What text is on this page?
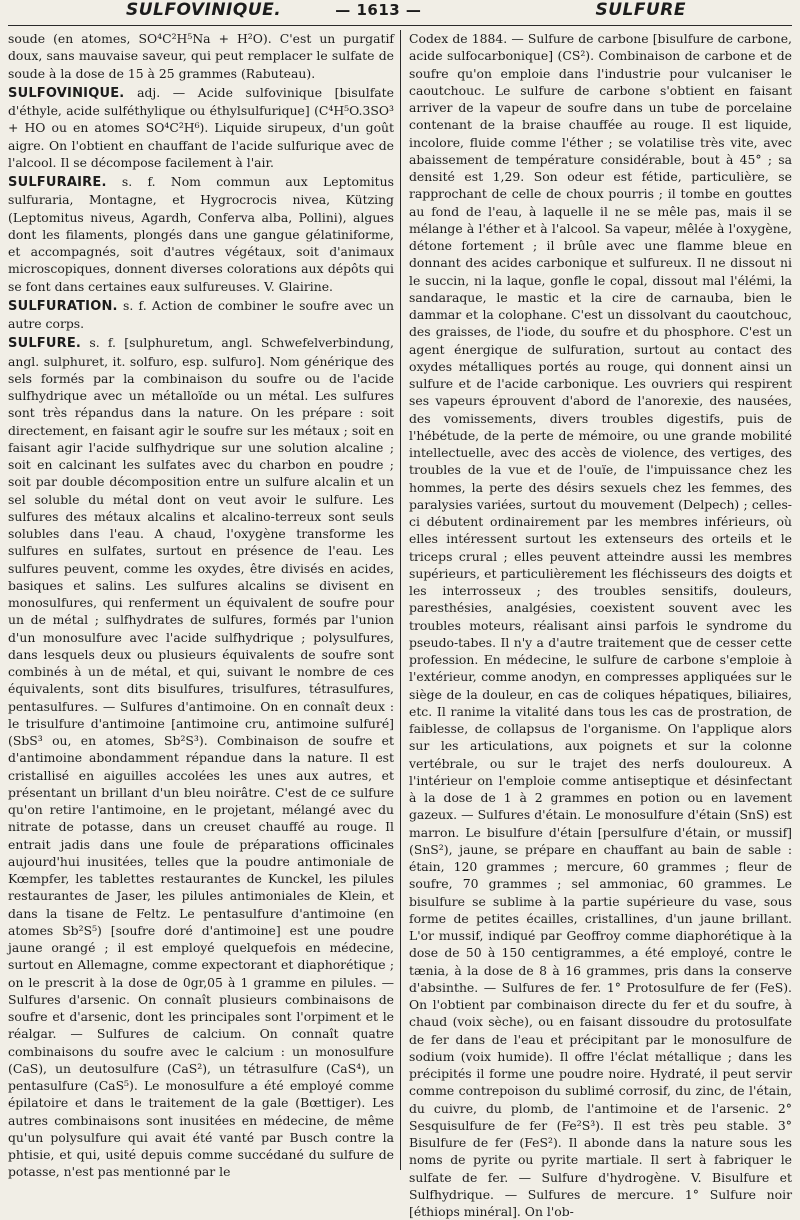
SULFOVINIQUE.	— 1613 —	SULFURE

soude (en atomes, SO⁴C²H⁵Na + H²O). C'est un purgatif doux, sans mauvaise saveur, qui peut remplacer le sulfate de soude à la dose de 15 à 25 grammes (Rabuteau).

SULFOVINIQUE. adj. — Acide sulfovinique [bisulfate d'éthyle, acide sulféthylique ou éthylsulfurique] (C⁴H⁵O.3SO³ + HO ou en atomes SO⁴C²H⁶). Liquide sirupeux, d'un goût aigre. On l'obtient en chauffant de l'acide sulfurique avec de l'alcool. Il se décompose facilement à l'air.

SULFURAIRE. s. f. Nom commun aux Leptomitus sulfuraria, Montagne, et Hygrocrocis nivea, Kützing (Leptomitus niveus, Agardh, Conferva alba, Pollini), algues dont les filaments, plongés dans une gangue gélatiniforme, et accompagnés, soit d'autres végétaux, soit d'animaux microscopiques, donnent diverses colorations aux dépôts qui se font dans certaines eaux sulfureuses. V. Glairine.

SULFURATION. s. f. Action de combiner le soufre avec un autre corps.

SULFURE. s. f. [sulphuretum, angl. Schwefelverbindung, angl. sulphuret, it. solfuro, esp. sulfuro]. Nom générique des sels formés par la combinaison du soufre ou de l'acide sulfhydrique avec un métalloïde ou un métal. Les sulfures sont très répandus dans la nature. On les prépare : soit directement, en faisant agir le soufre sur les métaux ; soit en faisant agir l'acide sulfhydrique sur une solution alcaline ; soit en calcinant les sulfates avec du charbon en poudre ; soit par double décomposition entre un sulfure alcalin et un sel soluble du métal dont on veut avoir le sulfure. Les sulfures des métaux alcalins et alcalino-terreux sont seuls solubles dans l'eau. A chaud, l'oxygène transforme les sulfures en sulfates, surtout en présence de l'eau. Les sulfures peuvent, comme les oxydes, être divisés en acides, basiques et salins. Les sulfures alcalins se divisent en monosulfures, qui renferment un équivalent de soufre pour un de métal ; sulfhydrates de sulfures, formés par l'union d'un monosulfure avec l'acide sulfhydrique ; polysulfures, dans lesquels deux ou plusieurs équivalents de soufre sont combinés à un de métal, et qui, suivant le nombre de ces équivalents, sont dits bisulfures, trisulfures, tétrasulfures, pentasulfures. — Sulfures d'antimoine. On en connaît deux : le trisulfure d'antimoine [antimoine cru, antimoine sulfuré] (SbS³ ou, en atomes, Sb²S³). Combinaison de soufre et d'antimoine abondamment répandue dans la nature. Il est cristallisé en aiguilles accolées les unes aux autres, et présentant un brillant d'un bleu noirâtre. C'est de ce sulfure qu'on retire l'antimoine, en le projetant, mélangé avec du nitrate de potasse, dans un creuset chauffé au rouge. Il entrait jadis dans une foule de préparations officinales aujourd'hui inusitées, telles que la poudre antimoniale de Kœmpfer, les tablettes restaurantes de Kunckel, les pilules restaurantes de Jaser, les pilules antimoniales de Klein, et dans la tisane de Feltz. Le pentasulfure d'antimoine (en atomes Sb²S⁵) [soufre doré d'antimoine] est une poudre jaune orangé ; il est employé quelquefois en médecine, surtout en Allemagne, comme expectorant et diaphorétique ; on le prescrit à la dose de 0gr,05 à 1 gramme en pilules. — Sulfures d'arsenic. On connaît plusieurs combinaisons de soufre et d'arsenic, dont les principales sont l'orpiment et le réalgar. — Sulfures de calcium. On connaît quatre combinaisons du soufre avec le calcium : un monosulfure (CaS), un deutosulfure (CaS²), un tétrasulfure (CaS⁴), un pentasulfure (CaS⁵). Le monosulfure a été employé comme épilatoire et dans le traitement de la gale (Bœttiger). Les autres combinaisons sont inusitées en médecine, de même qu'un polysulfure qui avait été vanté par Busch contre la phtisie, et qui, usité depuis comme succédané du sulfure de potasse, n'est pas mentionné par le

Codex de 1884. — Sulfure de carbone [bisulfure de carbone, acide sulfocarbonique] (CS²). Combinaison de carbone et de soufre qu'on emploie dans l'industrie pour vulcaniser le caoutchouc. Le sulfure de carbone s'obtient en faisant arriver de la vapeur de soufre dans un tube de porcelaine contenant de la braise chauffée au rouge. Il est liquide, incolore, fluide comme l'éther ; se volatilise très vite, avec abaissement de température considérable, bout à 45° ; sa densité est 1,29. Son odeur est fétide, particulière, se rapprochant de celle de choux pourris ; il tombe en gouttes au fond de l'eau, à laquelle il ne se mêle pas, mais il se mélange à l'éther et à l'alcool. Sa vapeur, mêlée à l'oxygène, détone fortement ; il brûle avec une flamme bleue en donnant des acides carbonique et sulfureux. Il ne dissout ni le succin, ni la laque, gonfle le copal, dissout mal l'élémi, la sandaraque, le mastic et la cire de carnauba, bien le dammar et la colophane. C'est un dissolvant du caoutchouc, des graisses, de l'iode, du soufre et du phosphore. C'est un agent énergique de sulfuration, surtout au contact des oxydes métalliques portés au rouge, qui donnent ainsi un sulfure et de l'acide carbonique. Les ouvriers qui respirent ses vapeurs éprouvent d'abord de l'anorexie, des nausées, des vomissements, divers troubles digestifs, puis de l'hébétude, de la perte de mémoire, ou une grande mobilité intellectuelle, avec des accès de violence, des vertiges, des troubles de la vue et de l'ouïe, de l'impuissance chez les hommes, la perte des désirs sexuels chez les femmes, des paralysies variées, surtout du mouvement (Delpech) ; celles-ci débutent ordinairement par les membres inférieurs, où elles intéressent surtout les extenseurs des orteils et le triceps crural ; elles peuvent atteindre aussi les membres supérieurs, et particulièrement les fléchisseurs des doigts et les interrosseux ; des troubles sensitifs, douleurs, paresthésies, analgésies, coexistent souvent avec les troubles moteurs, réalisant ainsi parfois le syndrome du pseudo-tabes. Il n'y a d'autre traitement que de cesser cette profession. En médecine, le sulfure de carbone s'emploie à l'extérieur, comme anodyn, en compresses appliquées sur le siège de la douleur, en cas de coliques hépatiques, biliaires, etc. Il ranime la vitalité dans tous les cas de prostration, de faiblesse, de collapsus de l'organisme. On l'applique alors sur les articulations, aux poignets et sur la colonne vertébrale, ou sur le trajet des nerfs douloureux. A l'intérieur on l'emploie comme antiseptique et désinfectant à la dose de 1 à 2 grammes en potion ou en lavement gazeux. — Sulfures d'étain. Le monosulfure d'étain (SnS) est marron. Le bisulfure d'étain [persulfure d'étain, or mussif] (SnS²), jaune, se prépare en chauffant au bain de sable : étain, 120 grammes ; mercure, 60 grammes ; fleur de soufre, 70 grammes ; sel ammoniac, 60 grammes. Le bisulfure se sublime à la partie supérieure du vase, sous forme de petites écailles, cristallines, d'un jaune brillant. L'or mussif, indiqué par Geoffroy comme diaphorétique à la dose de 50 à 150 centigrammes, a été employé, contre le tænia, à la dose de 8 à 16 grammes, pris dans la conserve d'absinthe. — Sulfures de fer. 1° Protosulfure de fer (FeS). On l'obtient par combinaison directe du fer et du soufre, à chaud (voix sèche), ou en faisant dissoudre du protosulfate de fer dans de l'eau et précipitant par le monosulfure de sodium (voix humide). Il offre l'éclat métallique ; dans les précipités il forme une poudre noire. Hydraté, il peut servir comme contrepoison du sublimé corrosif, du zinc, de l'étain, du cuivre, du plomb, de l'antimoine et de l'arsenic. 2° Sesquisulfure de fer (Fe²S³). Il est très peu stable. 3° Bisulfure de fer (FeS²). Il abonde dans la nature sous les noms de pyrite ou pyrite martiale. Il sert à fabriquer le sulfate de fer. — Sulfure d'hydrogène. V. Bisulfure et Sulfhydrique. — Sulfures de mercure. 1° Sulfure noir [éthiops minéral]. On l'ob-
